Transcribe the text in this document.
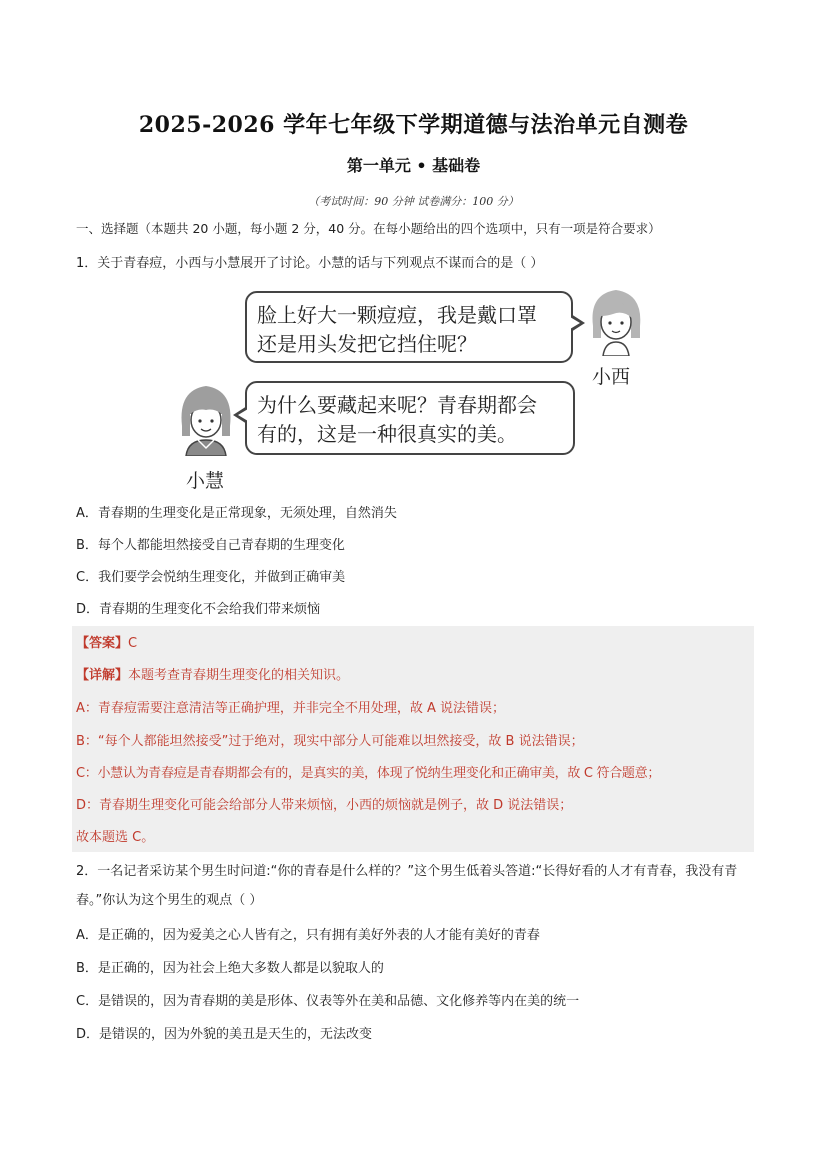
2025-2026 学年七年级下学期道德与法治单元自测卷
第一单元 • 基础卷
（考试时间：90 分钟 试卷满分：100 分）
一、选择题（本题共 20 小题，每小题 2 分，40 分。在每小题给出的四个选项中，只有一项是符合要求）
1．关于青春痘，小西与小慧展开了讨论。小慧的话与下列观点不谋而合的是（ ）
脸上好大一颗痘痘，我是戴口罩
还是用头发把它挡住呢？
小西
小慧
为什么要藏起来呢？青春期都会
有的，这是一种很真实的美。
A．青春期的生理变化是正常现象，无须处理，自然消失
B．每个人都能坦然接受自己青春期的生理变化
C．我们要学会悦纳生理变化，并做到正确审美
D．青春期的生理变化不会给我们带来烦恼
【答案】C
【详解】本题考查青春期生理变化的相关知识。
A：青春痘需要注意清洁等正确护理，并非完全不用处理，故 A 说法错误；
B：“每个人都能坦然接受”过于绝对，现实中部分人可能难以坦然接受，故 B 说法错误；
C：小慧认为青春痘是青春期都会有的，是真实的美，体现了悦纳生理变化和正确审美，故 C 符合题意；
D：青春期生理变化可能会给部分人带来烦恼，小西的烦恼就是例子，故 D 说法错误；
故本题选 C。
2．一名记者采访某个男生时问道:“你的青春是什么样的？”这个男生低着头答道:“长得好看的人才有青春，我没有青春。”你认为这个男生的观点（ ）
A．是正确的，因为爱美之心人皆有之，只有拥有美好外表的人才能有美好的青春
B．是正确的，因为社会上绝大多数人都是以貌取人的
C．是错误的，因为青春期的美是形体、仪表等外在美和品德、文化修养等内在美的统一
D．是错误的，因为外貌的美丑是天生的，无法改变
